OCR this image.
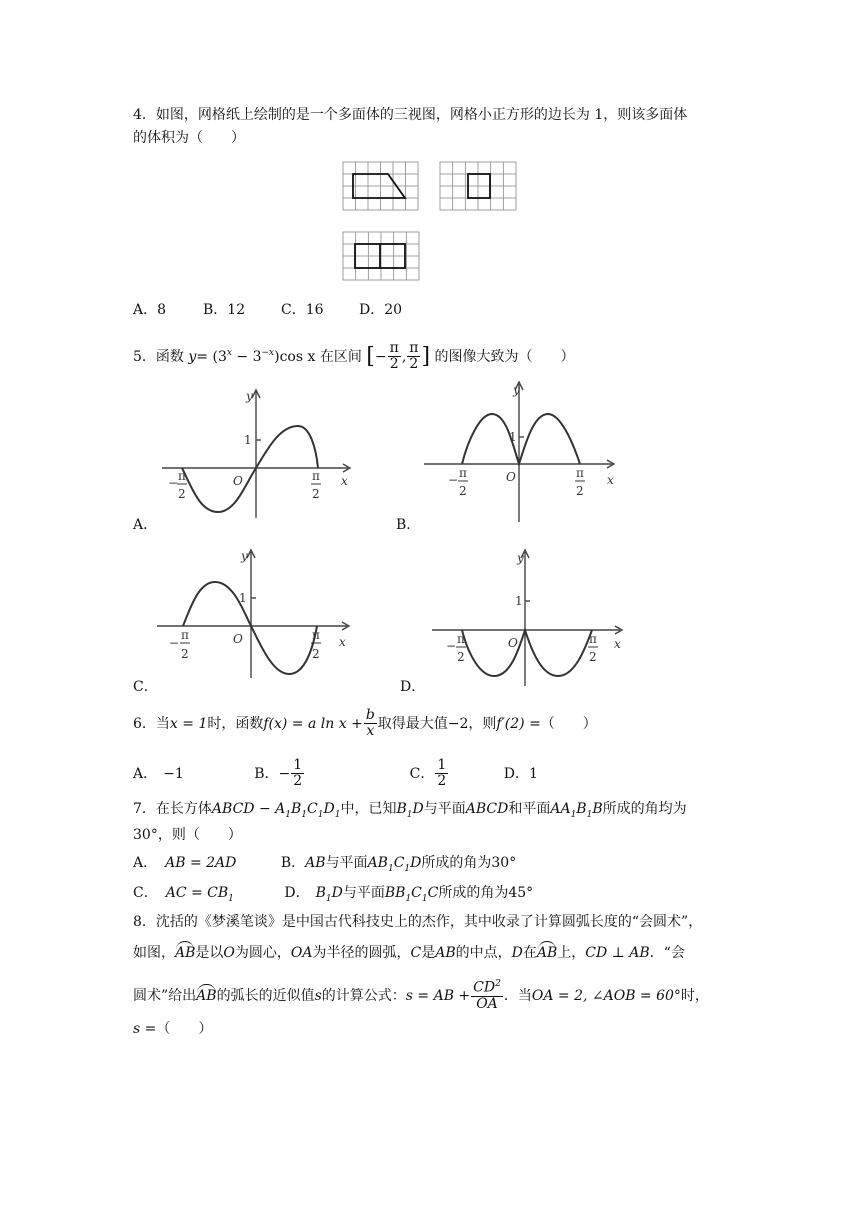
4．如图，网格纸上绘制的是一个多面体的三视图，网格小正方形的边长为 1，则该多面体
的体积为（　　）
A．8	B．12	C．16	D．20
5．函数 $y= (3^x - 3^{-x})\cos$ x 在区间 [− $\frac{\pi}{2}$ , $\frac{\pi}{2}$ ] 的图像大致为（　　）
1
y
x
O
− π
2
π
2
A．
1
y
x
O
− π
2
π
2
B．
1
y
x
O
−
π
2
π
2
C．
1
y
x
O
− π
2
π
2
D．
6．当x = 1时，函数f(x) = a $\ln x + \frac{b}{x}$ 取得最大值−2，则f′(2) =（　　）
A． −1	B．− $\frac{1}{2}$	C． $\frac{1}{2}$	D．1
7．在长方体ABCD − $A_1B_1C_1D_1$中，已知$B_1D$与平面ABCD和平面$AA_1B_1B$所成的角均为
30°，则（　　）
A． AB = 2AD	B．AB与平面$AB_1C_1D$所成的角为30°
C． AC = $CB_1$	D． $B_1D$与平面$BB_1C_1C$所成的角为45°
8．沈括的《梦溪笔谈》是中国古代科技史上的杰作，其中收录了计算圆弧长度的“会圆术”，
如图，AB是以O为圆心，OA为半径的圆弧，C是AB的中点，D在AB上，CD ⊥ AB．“会
圆术”给出AB的弧长的近似值s的计算公式：s = AB + $\frac{CD^2}{OA}$ ．当OA = 2, ∠AOB = 60°时，
s =（　　）
